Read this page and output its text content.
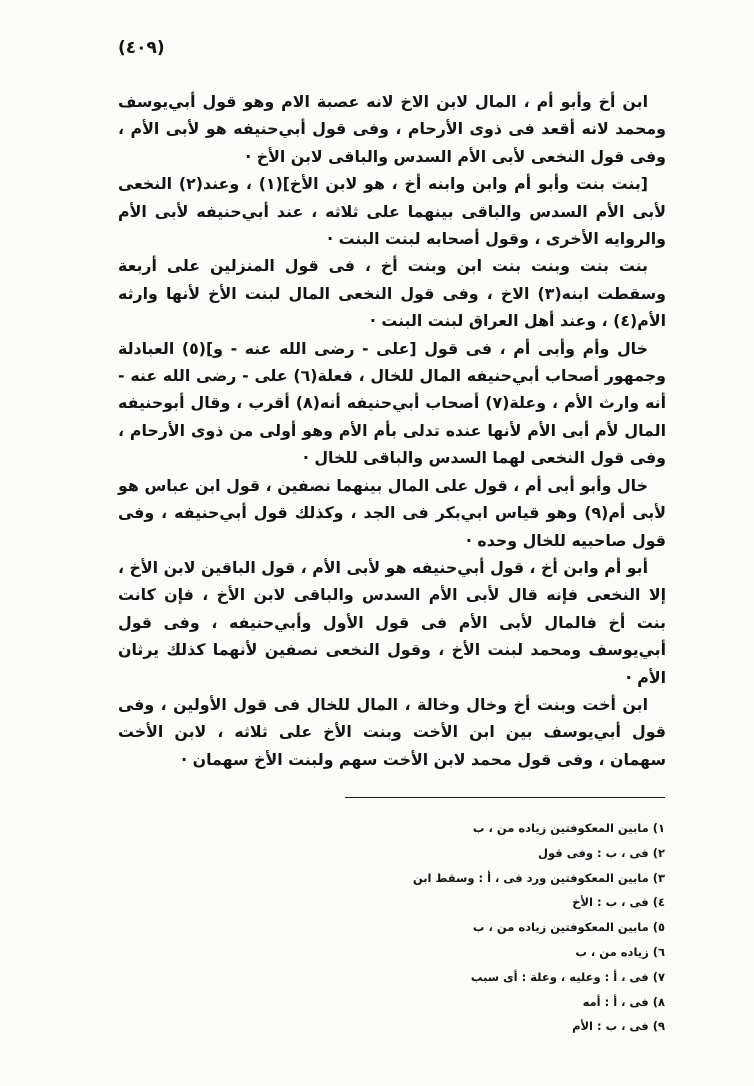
(٤٠٩)

ابن أخ وأبو أم ، المال لابن الاخ لانه عصبة الام وهو قول أبي‌يوسف ومحمد لانه أقعد فى ذوى الأرحام ، وفى قول أبي‌حنيفه هو لأبى الأم ، وفى قول النخعى لأبى الأم السدس والباقى لابن الأخ ·

[بنت بنت وأبو أم وابن وابنه أخ ، هو لابن الأخ](١) ، وعند(٢) النخعى لأبى الأم السدس والباقى بينهما على ثلاثه ، عند أبي‌حنيفه لأبى الأم والروايه الأخرى ، وقول أصحابه لبنت البنت ·

بنت بنت وبنت بنت ابن وبنت أخ ، فى قول المنزلين على أربعة وسقطت ابنه(٣) الاخ ، وفى قول النخعى المال لبنت الأخ لأنها وارثه الأم(٤) ، وعند أهل العراق لبنت البنت ·

خال وأم وأبى أم ، فى قول [على - رضى الله عنه - و](٥) العبادلة وجمهور أصحاب أبي‌حنيفه المال للخال ، فعلة(٦) على - رضى الله عنه - أنه وارث الأم ، وعلة(٧) أصحاب أبي‌حنيفه أنه(٨) أقرب ، وقال أبوحنيفه المال لأم أبى الأم لأنها عنده تدلى بأم الأم وهو أولى من ذوى الأرحام ، وفى قول النخعى لهما السدس والباقى للخال ·

خال وأبو أبى أم ، قول على المال بينهما نصفين ، قول ابن عباس هو لأبى أم(٩) وهو قياس ابي‌بكر فى الجد ، وكذلك قول أبي‌حنيفه ، وفى قول صاحبيه للخال وحده ·

أبو أم وابن أخ ، قول أبي‌حنيفه هو لأبى الأم ، قول الباقين لابن الأخ ، إلا النخعى فإنه قال لأبى الأم السدس والباقى لابن الأخ ، فإن كانت بنت أخ فالمال لأبى الأم فى قول الأول وأبي‌حنيفه ، وفى قول أبي‌يوسف ومحمد لبنت الأخ ، وقول النخعى نصفين لأنهما كذلك يرثان الأم ·

ابن أخت وبنت أخ وخال وخالة ، المال للخال فى قول الأولين ، وفى قول أبي‌يوسف بين ابن الأخت وبنت الأخ على ثلاثه ، لابن الأخت سهمان ، وفى قول محمد لابن الأخت سهم ولبنت الأخ سهمان ·

١) مابين المعكوفتين زياده من ، ب
٢) فى ، ب : وفى قول
٣) مابين المعكوفتين ورد فى ، أ : وسقط ابن
٤) فى ، ب : الأخ
٥) مابين المعكوفتين زياده من ، ب
٦) زياده من ، ب
٧) فى ، أ : وعليه ، وعلة : أى سبب
٨) فى ، أ : أمه
٩) فى ، ب : الأم
